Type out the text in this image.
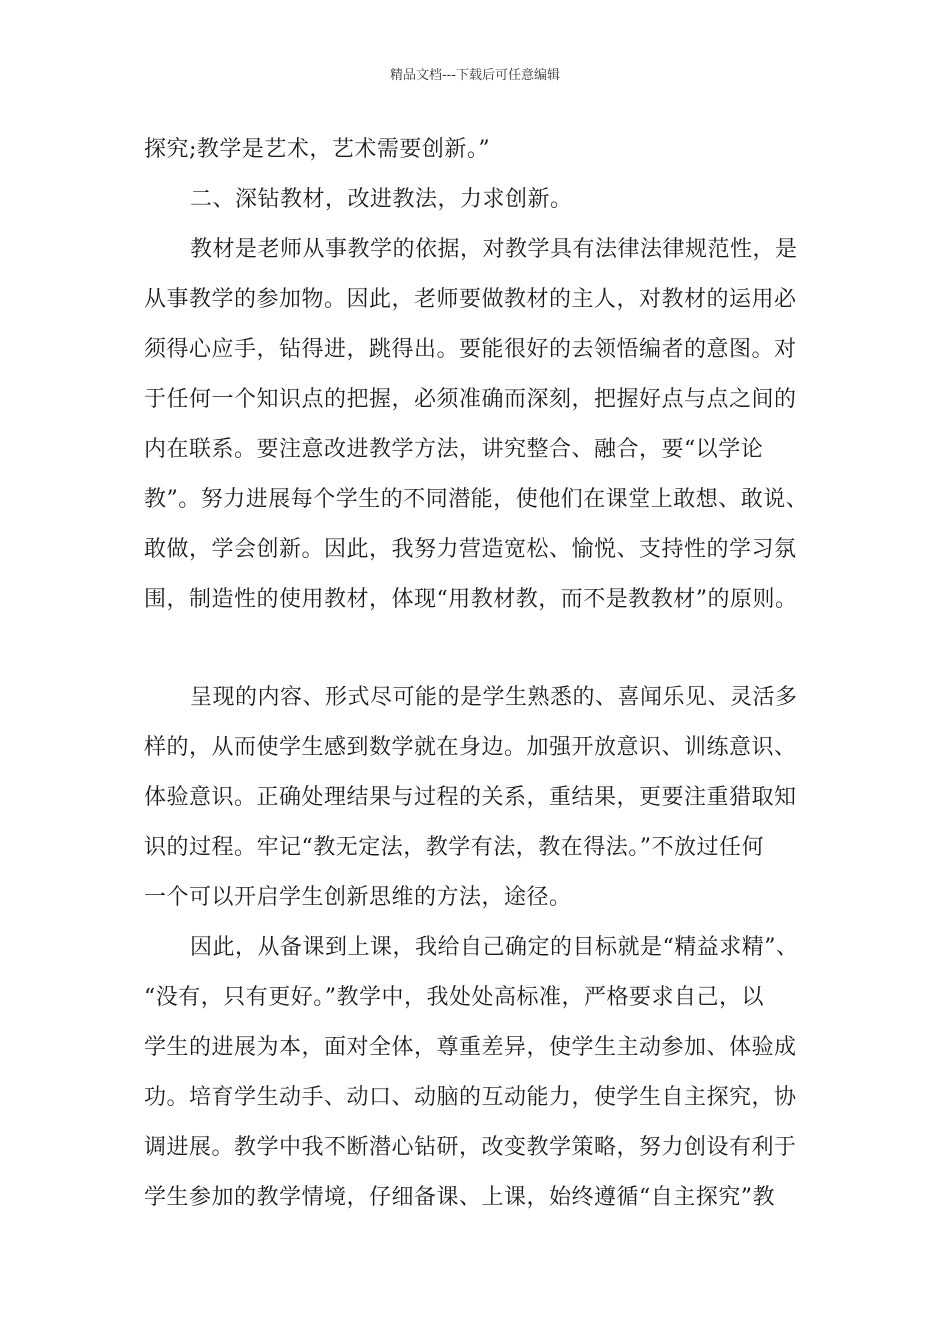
精品文档---下载后可任意编辑
探究;教学是艺术，艺术需要创新。”
二、深钻教材，改进教法，力求创新。
教材是老师从事教学的依据，对教学具有法律法律规范性，是
从事教学的参加物。因此，老师要做教材的主人，对教材的运用必
须得心应手，钻得进，跳得出。要能很好的去领悟编者的意图。对
于任何一个知识点的把握，必须准确而深刻，把握好点与点之间的
内在联系。要注意改进教学方法，讲究整合、融合，要“以学论
教”。努力进展每个学生的不同潜能，使他们在课堂上敢想、敢说、
敢做，学会创新。因此，我努力营造宽松、愉悦、支持性的学习氛
围，制造性的使用教材，体现“用教材教，而不是教教材”的原则。
呈现的内容、形式尽可能的是学生熟悉的、喜闻乐见、灵活多
样的，从而使学生感到数学就在身边。加强开放意识、训练意识、
体验意识。正确处理结果与过程的关系，重结果，更要注重猎取知
识的过程。牢记“教无定法，教学有法，教在得法。”不放过任何
一个可以开启学生创新思维的方法，途径。
因此，从备课到上课，我给自己确定的目标就是“精益求精”、
“没有，只有更好。”教学中，我处处高标准，严格要求自己，以
学生的进展为本，面对全体，尊重差异，使学生主动参加、体验成
功。培育学生动手、动口、动脑的互动能力，使学生自主探究，协
调进展。教学中我不断潜心钻研，改变教学策略，努力创设有利于
学生参加的教学情境，仔细备课、上课，始终遵循“自主探究”教
